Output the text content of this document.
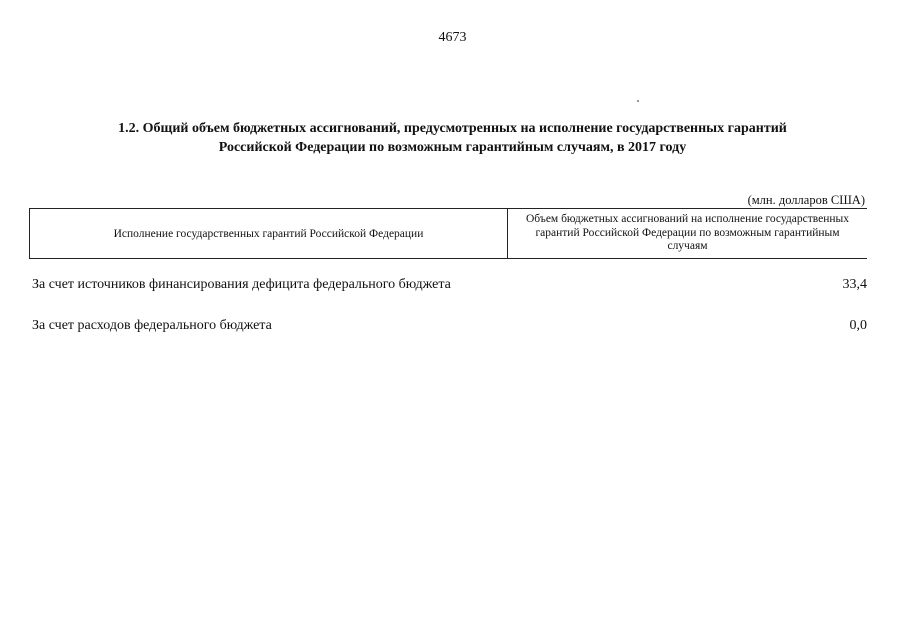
4673
1.2. Общий объем бюджетных ассигнований, предусмотренных на исполнение государственных гарантий
Российской Федерации по возможным гарантийным случаям, в 2017 году
(млн. долларов США)
Исполнение государственных гарантий Российской Федерации
Объем бюджетных ассигнований на исполнение государственных гарантий Российской Федерации по возможным гарантийным случаям
За счет источников финансирования дефицита федерального бюджета	33,4
За счет расходов федерального бюджета	0,0
